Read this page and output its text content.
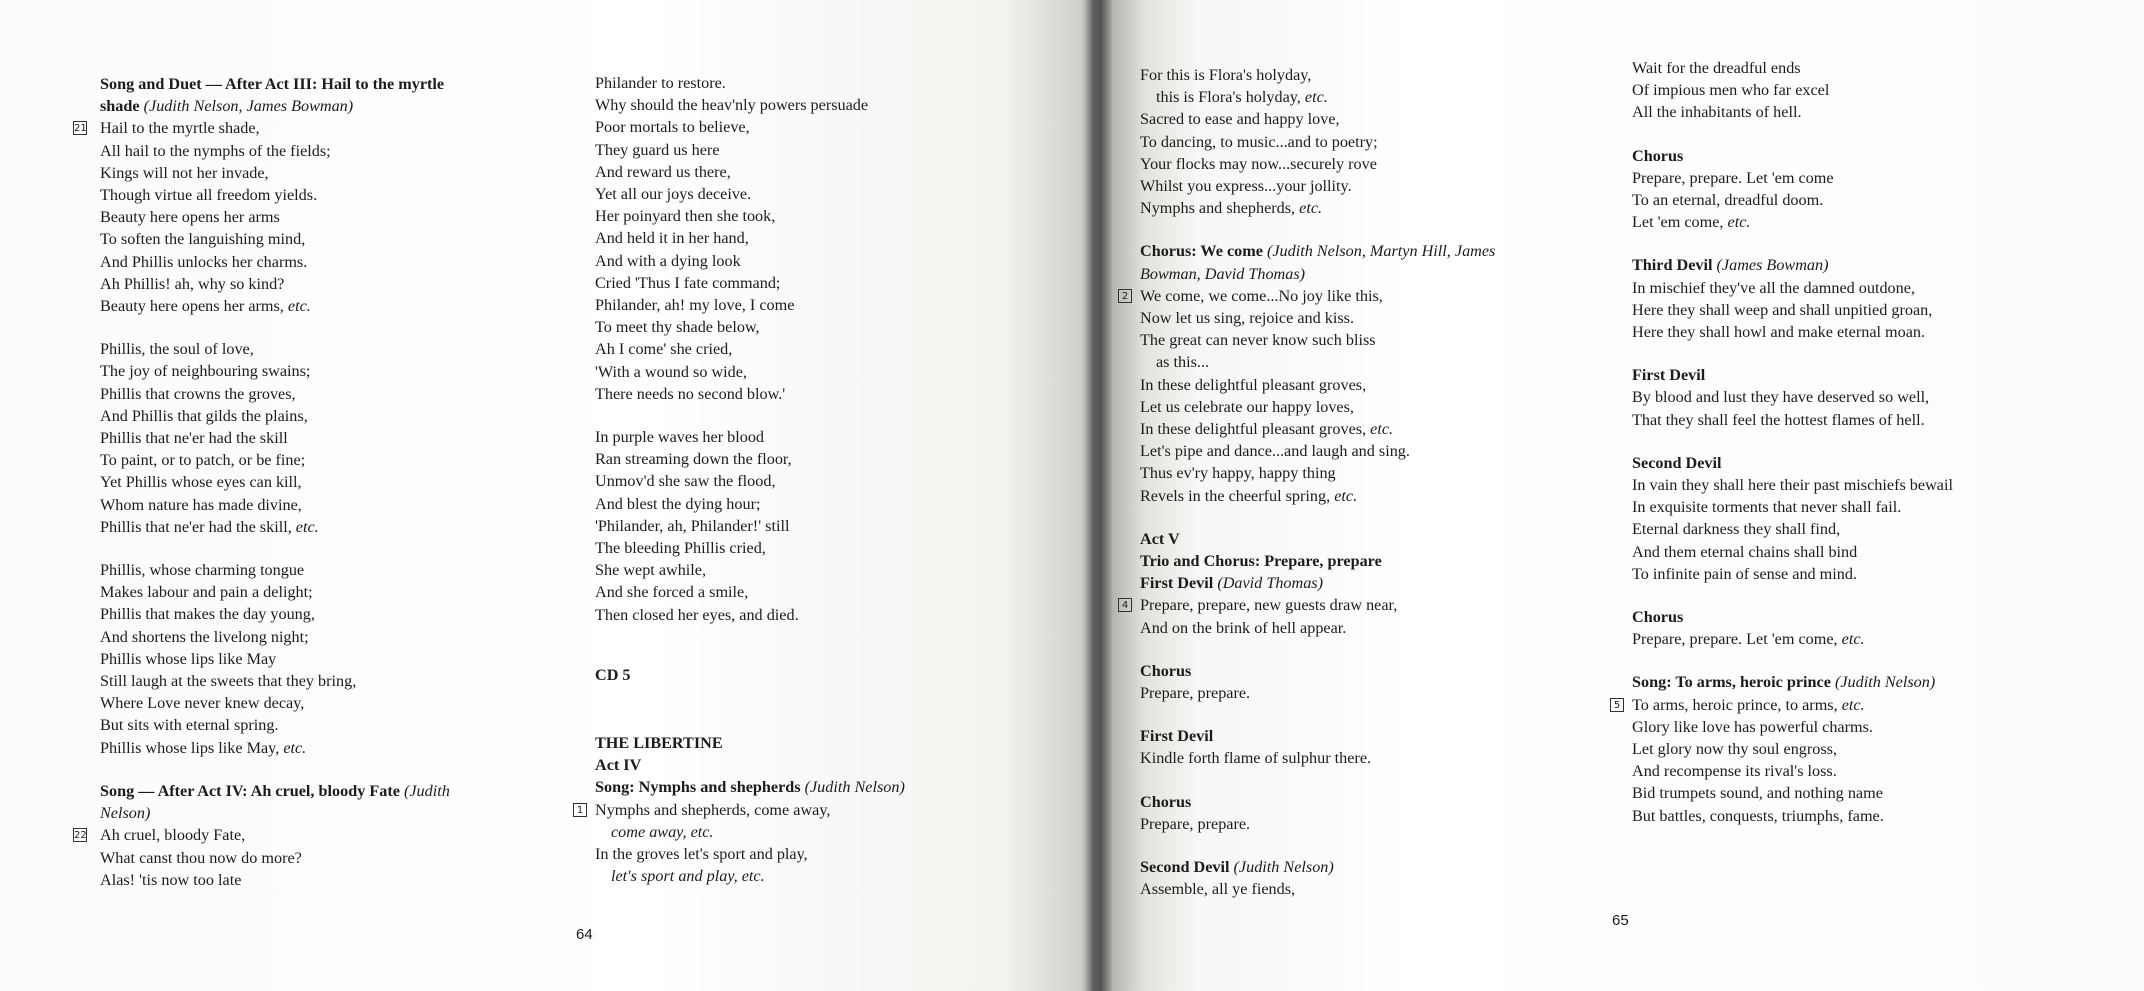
Song and Duet — After Act III: Hail to the myrtle
shade (Judith Nelson, James Bowman)
21 Hail to the myrtle shade,
All hail to the nymphs of the fields;
Kings will not her invade,
Though virtue all freedom yields.
Beauty here opens her arms
To soften the languishing mind,
And Phillis unlocks her charms.
Ah Phillis! ah, why so kind?
Beauty here opens her arms, etc.
Phillis, the soul of love,
The joy of neighbouring swains;
Phillis that crowns the groves,
And Phillis that gilds the plains,
Phillis that ne'er had the skill
To paint, or to patch, or be fine;
Yet Phillis whose eyes can kill,
Whom nature has made divine,
Phillis that ne'er had the skill, etc.
Phillis, whose charming tongue
Makes labour and pain a delight;
Phillis that makes the day young,
And shortens the livelong night;
Phillis whose lips like May
Still laugh at the sweets that they bring,
Where Love never knew decay,
But sits with eternal spring.
Phillis whose lips like May, etc.
Song — After Act IV: Ah cruel, bloody Fate (Judith
Nelson)
22 Ah cruel, bloody Fate,
What canst thou now do more?
Alas! 'tis now too late
Philander to restore.
Why should the heav'nly powers persuade
Poor mortals to believe,
They guard us here
And reward us there,
Yet all our joys deceive.
Her poinyard then she took,
And held it in her hand,
And with a dying look
Cried 'Thus I fate command;
Philander, ah! my love, I come
To meet thy shade below,
Ah I come' she cried,
'With a wound so wide,
There needs no second blow.'
In purple waves her blood
Ran streaming down the floor,
Unmov'd she saw the flood,
And blest the dying hour;
'Philander, ah, Philander!' still
The bleeding Phillis cried,
She wept awhile,
And she forced a smile,
Then closed her eyes, and died.
CD 5
THE LIBERTINE
Act IV
Song: Nymphs and shepherds (Judith Nelson)
1 Nymphs and shepherds, come away,
come away, etc.
In the groves let's sport and play,
let's sport and play, etc.
64
For this is Flora's holyday,
this is Flora's holyday, etc.
Sacred to ease and happy love,
To dancing, to music...and to poetry;
Your flocks may now...securely rove
Whilst you express...your jollity.
Nymphs and shepherds, etc.
Chorus: We come (Judith Nelson, Martyn Hill, James
Bowman, David Thomas)
2 We come, we come...No joy like this,
Now let us sing, rejoice and kiss.
The great can never know such bliss
as this...
In these delightful pleasant groves,
Let us celebrate our happy loves,
In these delightful pleasant groves, etc.
Let's pipe and dance...and laugh and sing.
Thus ev'ry happy, happy thing
Revels in the cheerful spring, etc.
Act V
Trio and Chorus: Prepare, prepare
First Devil (David Thomas)
4 Prepare, prepare, new guests draw near,
And on the brink of hell appear.
Chorus
Prepare, prepare.
First Devil
Kindle forth flame of sulphur there.
Chorus
Prepare, prepare.
Second Devil (Judith Nelson)
Assemble, all ye fiends,
Wait for the dreadful ends
Of impious men who far excel
All the inhabitants of hell.
Chorus
Prepare, prepare. Let 'em come
To an eternal, dreadful doom.
Let 'em come, etc.
Third Devil (James Bowman)
In mischief they've all the damned outdone,
Here they shall weep and shall unpitied groan,
Here they shall howl and make eternal moan.
First Devil
By blood and lust they have deserved so well,
That they shall feel the hottest flames of hell.
Second Devil
In vain they shall here their past mischiefs bewail
In exquisite torments that never shall fail.
Eternal darkness they shall find,
And them eternal chains shall bind
To infinite pain of sense and mind.
Chorus
Prepare, prepare. Let 'em come, etc.
Song: To arms, heroic prince (Judith Nelson)
5 To arms, heroic prince, to arms, etc.
Glory like love has powerful charms.
Let glory now thy soul engross,
And recompense its rival's loss.
Bid trumpets sound, and nothing name
But battles, conquests, triumphs, fame.
65
